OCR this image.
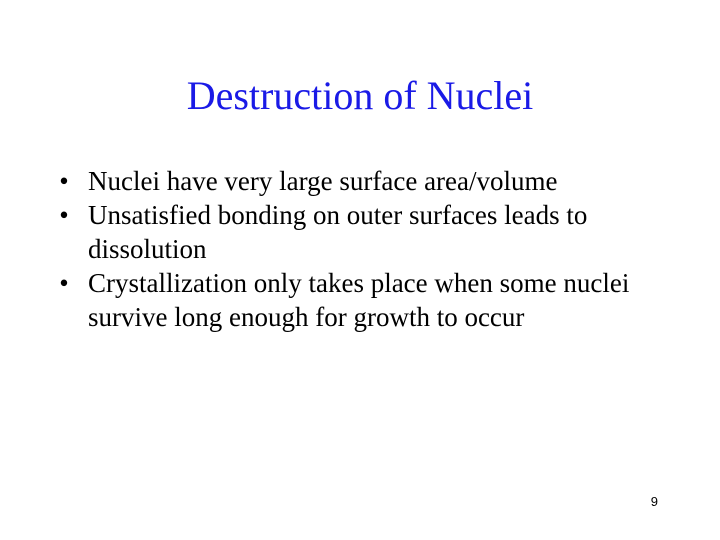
Destruction of Nuclei
• Nuclei have very large surface area/volume
• Unsatisfied bonding on outer surfaces leads to dissolution
• Crystallization only takes place when some nuclei survive long enough for growth to occur
9
